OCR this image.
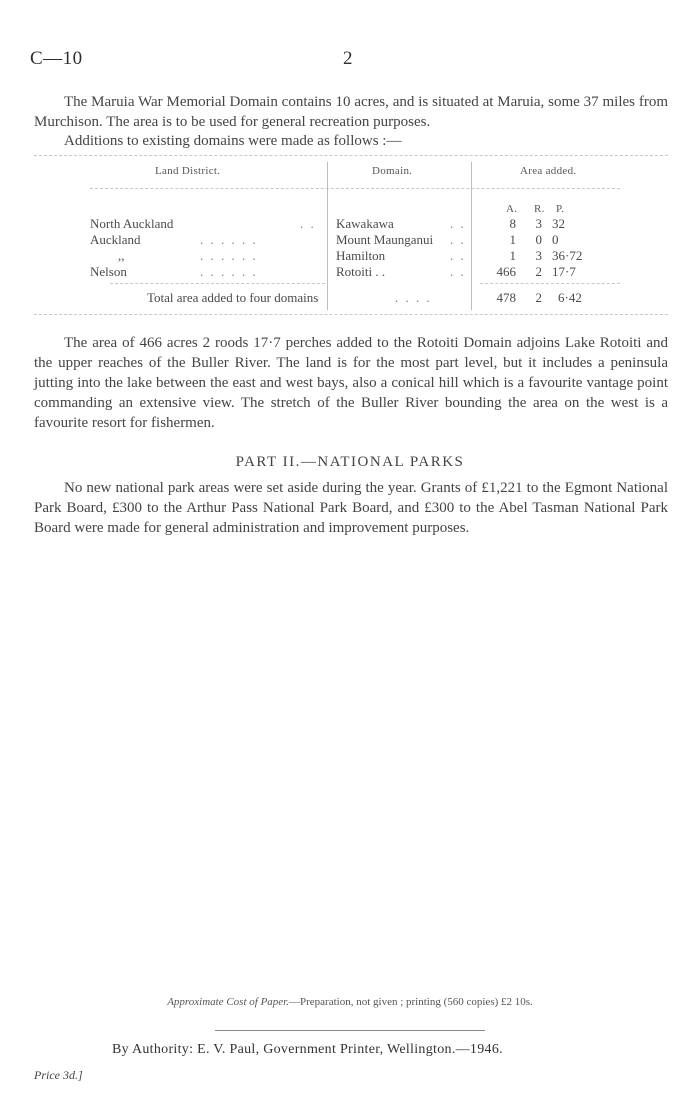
C—10	2
The Maruia War Memorial Domain contains 10 acres, and is situated at Maruia, some 37 miles from Murchison. The area is to be used for general recreation purposes.
Additions to existing domains were made as follows :—
Land District.	Domain.	Area added.
A. R. P.
North Auckland	. . Kawakawa	. .	8	3 32
Auckland	. . . . . .	Mount Maunganui . .	1	0 0
,,	. . . . . .	Hamilton	. .	1	3 36·72
Nelson	. . . . . .	Rotoiti . .	. .	466	2 17·7
Total area added to four domains	. . . .	478	2 6·42
The area of 466 acres 2 roods 17·7 perches added to the Rotoiti Domain adjoins Lake Rotoiti and the upper reaches of the Buller River. The land is for the most part level, but it includes a peninsula jutting into the lake between the east and west bays, also a conical hill which is a favourite vantage point commanding an extensive view. The stretch of the Buller River bounding the area on the west is a favourite resort for fishermen.
PART II.—NATIONAL PARKS
No new national park areas were set aside during the year. Grants of £1,221 to the Egmont National Park Board, £300 to the Arthur Pass National Park Board, and £300 to the Abel Tasman National Park Board were made for general administration and improvement purposes.
Approximate Cost of Paper.—Preparation, not given ; printing (560 copies) £2 10s.
By Authority: E. V. Paul, Government Printer, Wellington.—1946.
Price 3d.]
